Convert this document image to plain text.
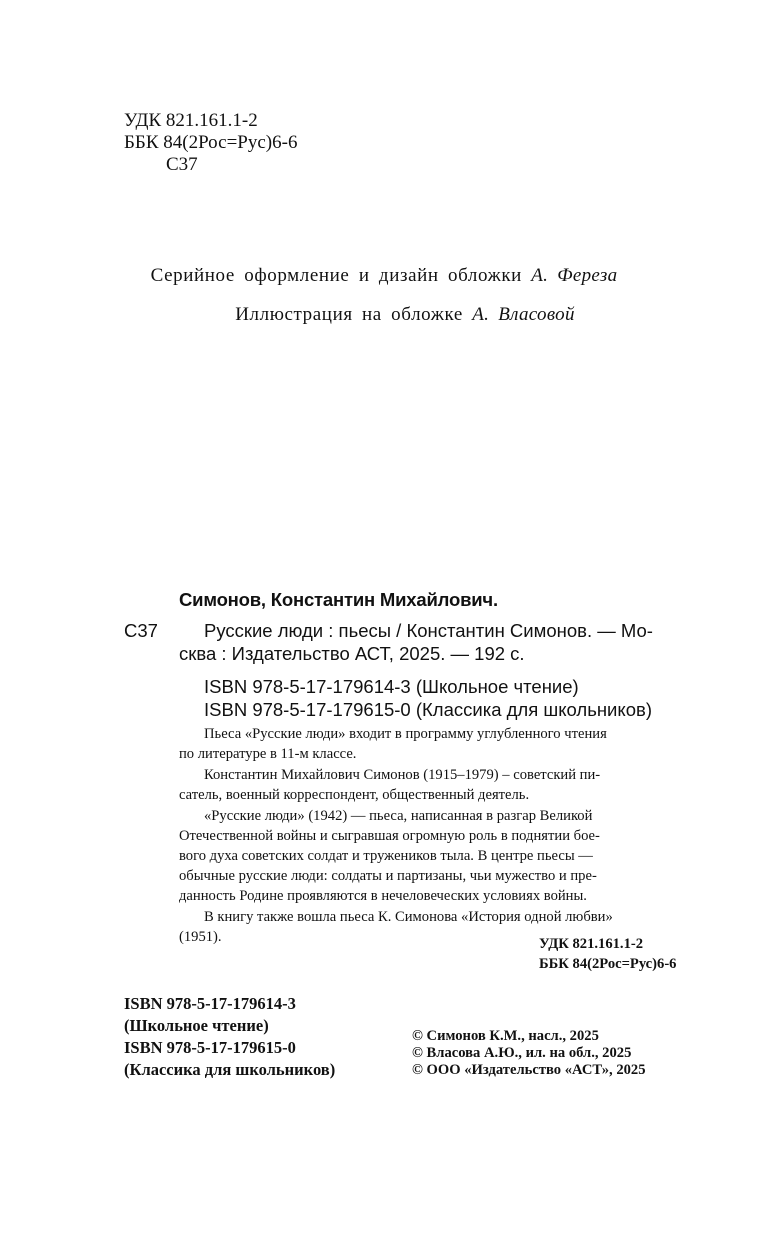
УДК 821.161.1-2
ББК 84(2Рос=Рус)6-6
С37
Серийное оформление и дизайн обложки А. Фереза
Иллюстрация на обложке А. Власовой
Симонов, Константин Михайлович.
С37 Русские люди : пьесы / Константин Симонов. — Мо-
сква : Издательство АСТ, 2025. — 192 с.
ISBN 978-5-17-179614-3 (Школьное чтение)
ISBN 978-5-17-179615-0 (Классика для школьников)
Пьеса «Русские люди» входит в программу углубленного чтения
по литературе в 11-м классе.
Константин Михайлович Симонов (1915–1979) – советский пи-
сатель, военный корреспондент, общественный деятель.
«Русские люди» (1942) — пьеса, написанная в разгар Великой
Отечественной войны и сыгравшая огромную роль в поднятии бое-
вого духа советских солдат и тружеников тыла. В центре пьесы —
обычные русские люди: солдаты и партизаны, чьи мужество и пре-
данность Родине проявляются в нечеловеческих условиях войны.
В книгу также вошла пьеса К. Симонова «История одной любви»
(1951).	УДК 821.161.1-2
ББК 84(2Рос=Рус)6-6
ISBN 978-5-17-179614-3
(Школьное чтение)
ISBN 978-5-17-179615-0
(Классика для школьников)
© Симонов К.М., насл., 2025
© Власова А.Ю., ил. на обл., 2025
© ООО «Издательство «АСТ», 2025
